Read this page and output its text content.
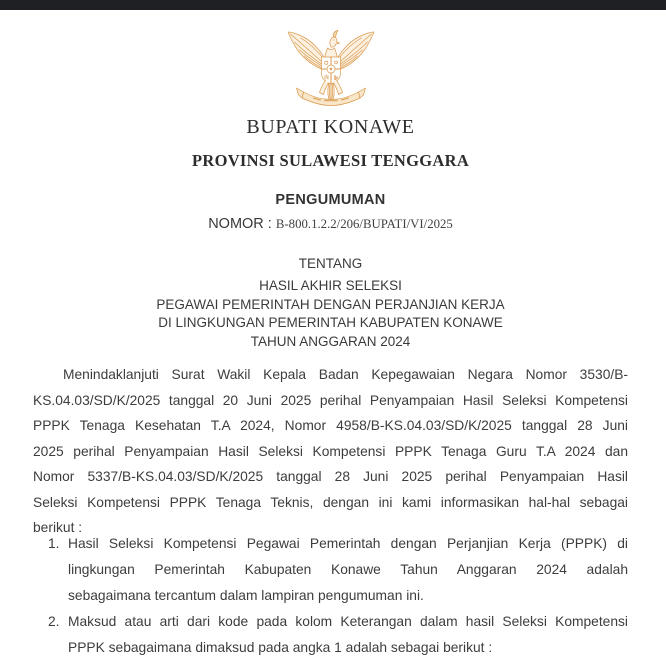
BUPATI KONAWE
PROVINSI SULAWESI TENGGARA
PENGUMUMAN
NOMOR : B-800.1.2.2/206/BUPATI/VI/2025
TENTANG
HASIL AKHIR SELEKSI
PEGAWAI PEMERINTAH DENGAN PERJANJIAN KERJA
DI LINGKUNGAN PEMERINTAH KABUPATEN KONAWE
TAHUN ANGGARAN 2024
Menindaklanjuti Surat Wakil Kepala Badan Kepegawaian Negara Nomor 3530/B-
KS.04.03/SD/K/2025 tanggal 20 Juni 2025 perihal Penyampaian Hasil Seleksi Kompetensi
PPPK Tenaga Kesehatan T.A 2024, Nomor 4958/B-KS.04.03/SD/K/2025 tanggal 28 Juni
2025 perihal Penyampaian Hasil Seleksi Kompetensi PPPK Tenaga Guru T.A 2024 dan
Nomor 5337/B-KS.04.03/SD/K/2025 tanggal 28 Juni 2025 perihal Penyampaian Hasil
Seleksi Kompetensi PPPK Tenaga Teknis, dengan ini kami informasikan hal-hal sebagai
berikut :
1. Hasil Seleksi Kompetensi Pegawai Pemerintah dengan Perjanjian Kerja (PPPK) di
lingkungan Pemerintah Kabupaten Konawe Tahun Anggaran 2024 adalah
sebagaimana tercantum dalam lampiran pengumuman ini.
2. Maksud atau arti dari kode pada kolom Keterangan dalam hasil Seleksi Kompetensi
PPPK sebagaimana dimaksud pada angka 1 adalah sebagai berikut :
